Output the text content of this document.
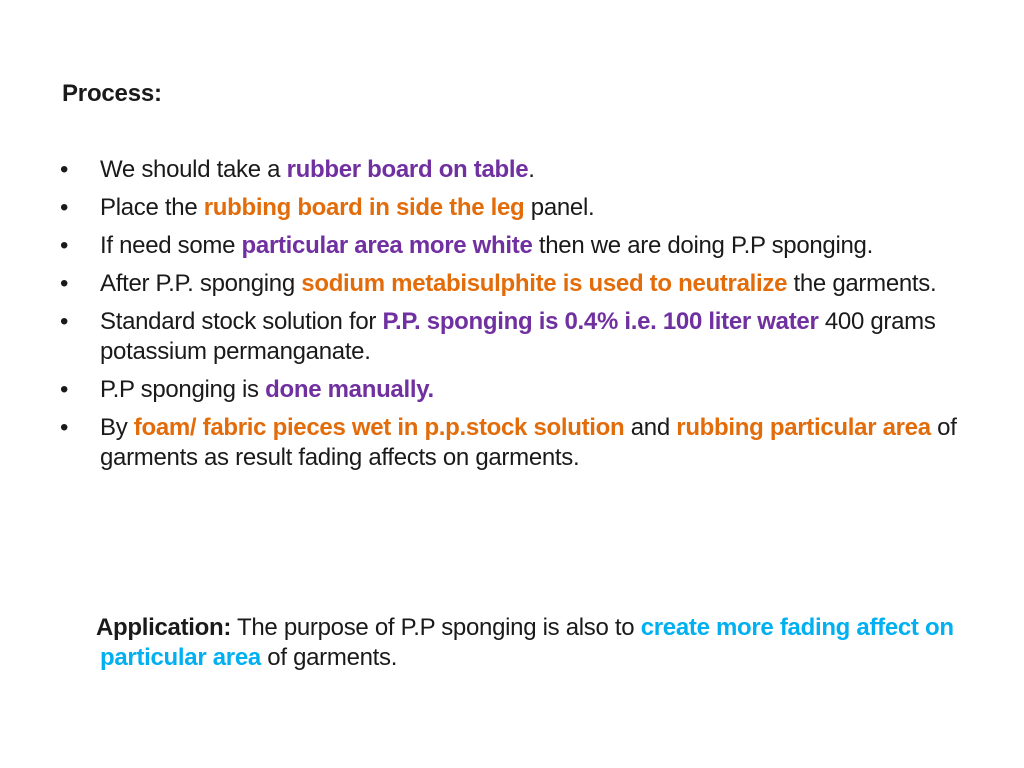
Process:
•	We should take a rubber board on table.
•	Place the rubbing board in side the leg panel.
•	If need some particular area more white then we are doing P.P sponging.
•	After P.P. sponging sodium metabisulphite is used to neutralize the garments.
•	Standard stock solution for P.P. sponging is 0.4% i.e. 100 liter water 400 grams potassium permanganate.
•	P.P sponging is done manually.
•	By foam/ fabric pieces wet in p.p.stock solution and rubbing particular area of garments as result fading affects on garments.
Application: The purpose of P.P sponging is also to create more fading affect on particular area of garments.
